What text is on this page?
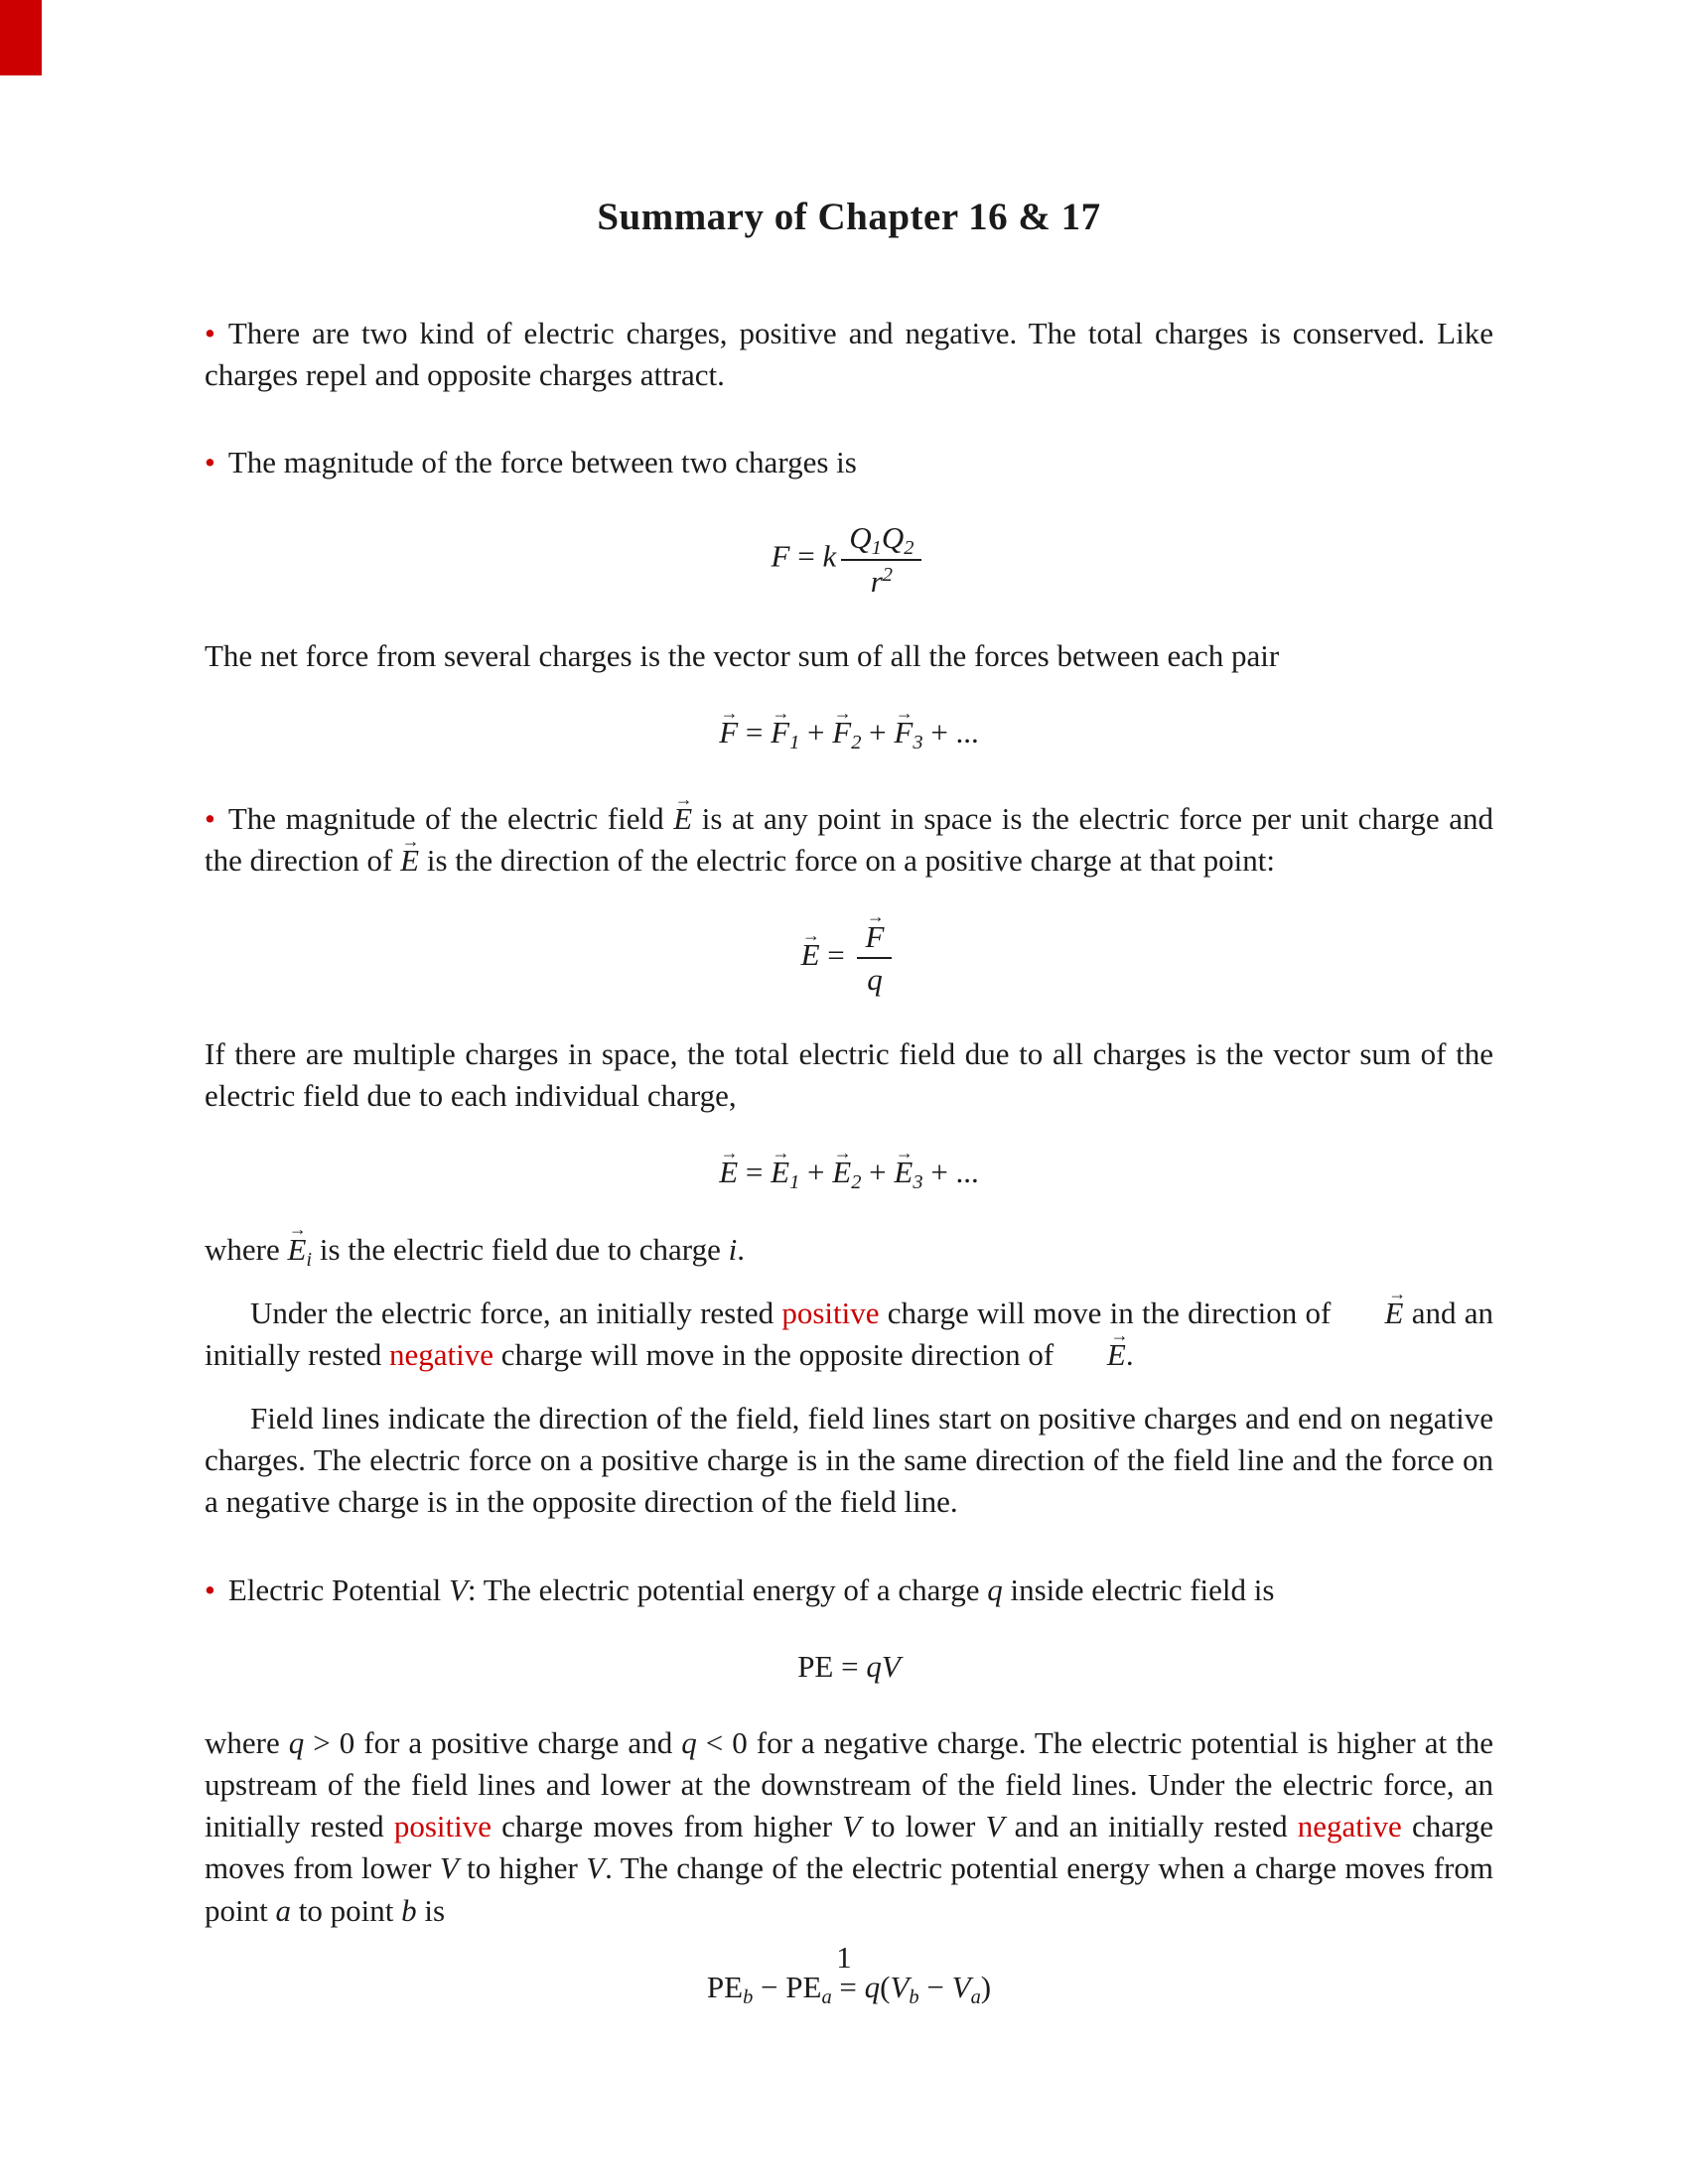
Summary of Chapter 16 & 17

• There are two kind of electric charges, positive and negative. The total charges is conserved. Like charges repel and opposite charges attract.

• The magnitude of the force between two charges is

F = k $\frac{Q_1Q_2}{r^2}$

The net force from several charges is the vector sum of all the forces between each pair

F → = $F \to_1 + F \to_2 + F \to_3$ + ...

• The magnitude of the electric field E → is at any point in space is the electric force per unit charge and the direction of E → is the direction of the electric force on a positive charge at that point:

E → = $\frac{F \to}{q}$

If there are multiple charges in space, the total electric field due to all charges is the vector sum of the electric field due to each individual charge,

E → = $E \to_1 + E \to_2 + E \to_3$ + ...

where $E \to_i$ is the electric field due to charge i.

Under the electric force, an initially rested positive charge will move in the direction of E → and an initially rested negative charge will move in the opposite direction of E →.

Field lines indicate the direction of the field, field lines start on positive charges and end on negative charges. The electric force on a positive charge is in the same direction of the field line and the force on a negative charge is in the opposite direction of the field line.

• Electric Potential V: The electric potential energy of a charge q inside electric field is

PE = qV

where q > 0 for a positive charge and q < 0 for a negative charge. The electric potential is higher at the upstream of the field lines and lower at the downstream of the field lines. Under the electric force, an initially rested positive charge moves from higher V to lower V and an initially rested negative charge moves from lower V to higher V. The change of the electric potential energy when a charge moves from point a to point b is

$PE_b - PE_a = q(V_b - V_a)$
1
